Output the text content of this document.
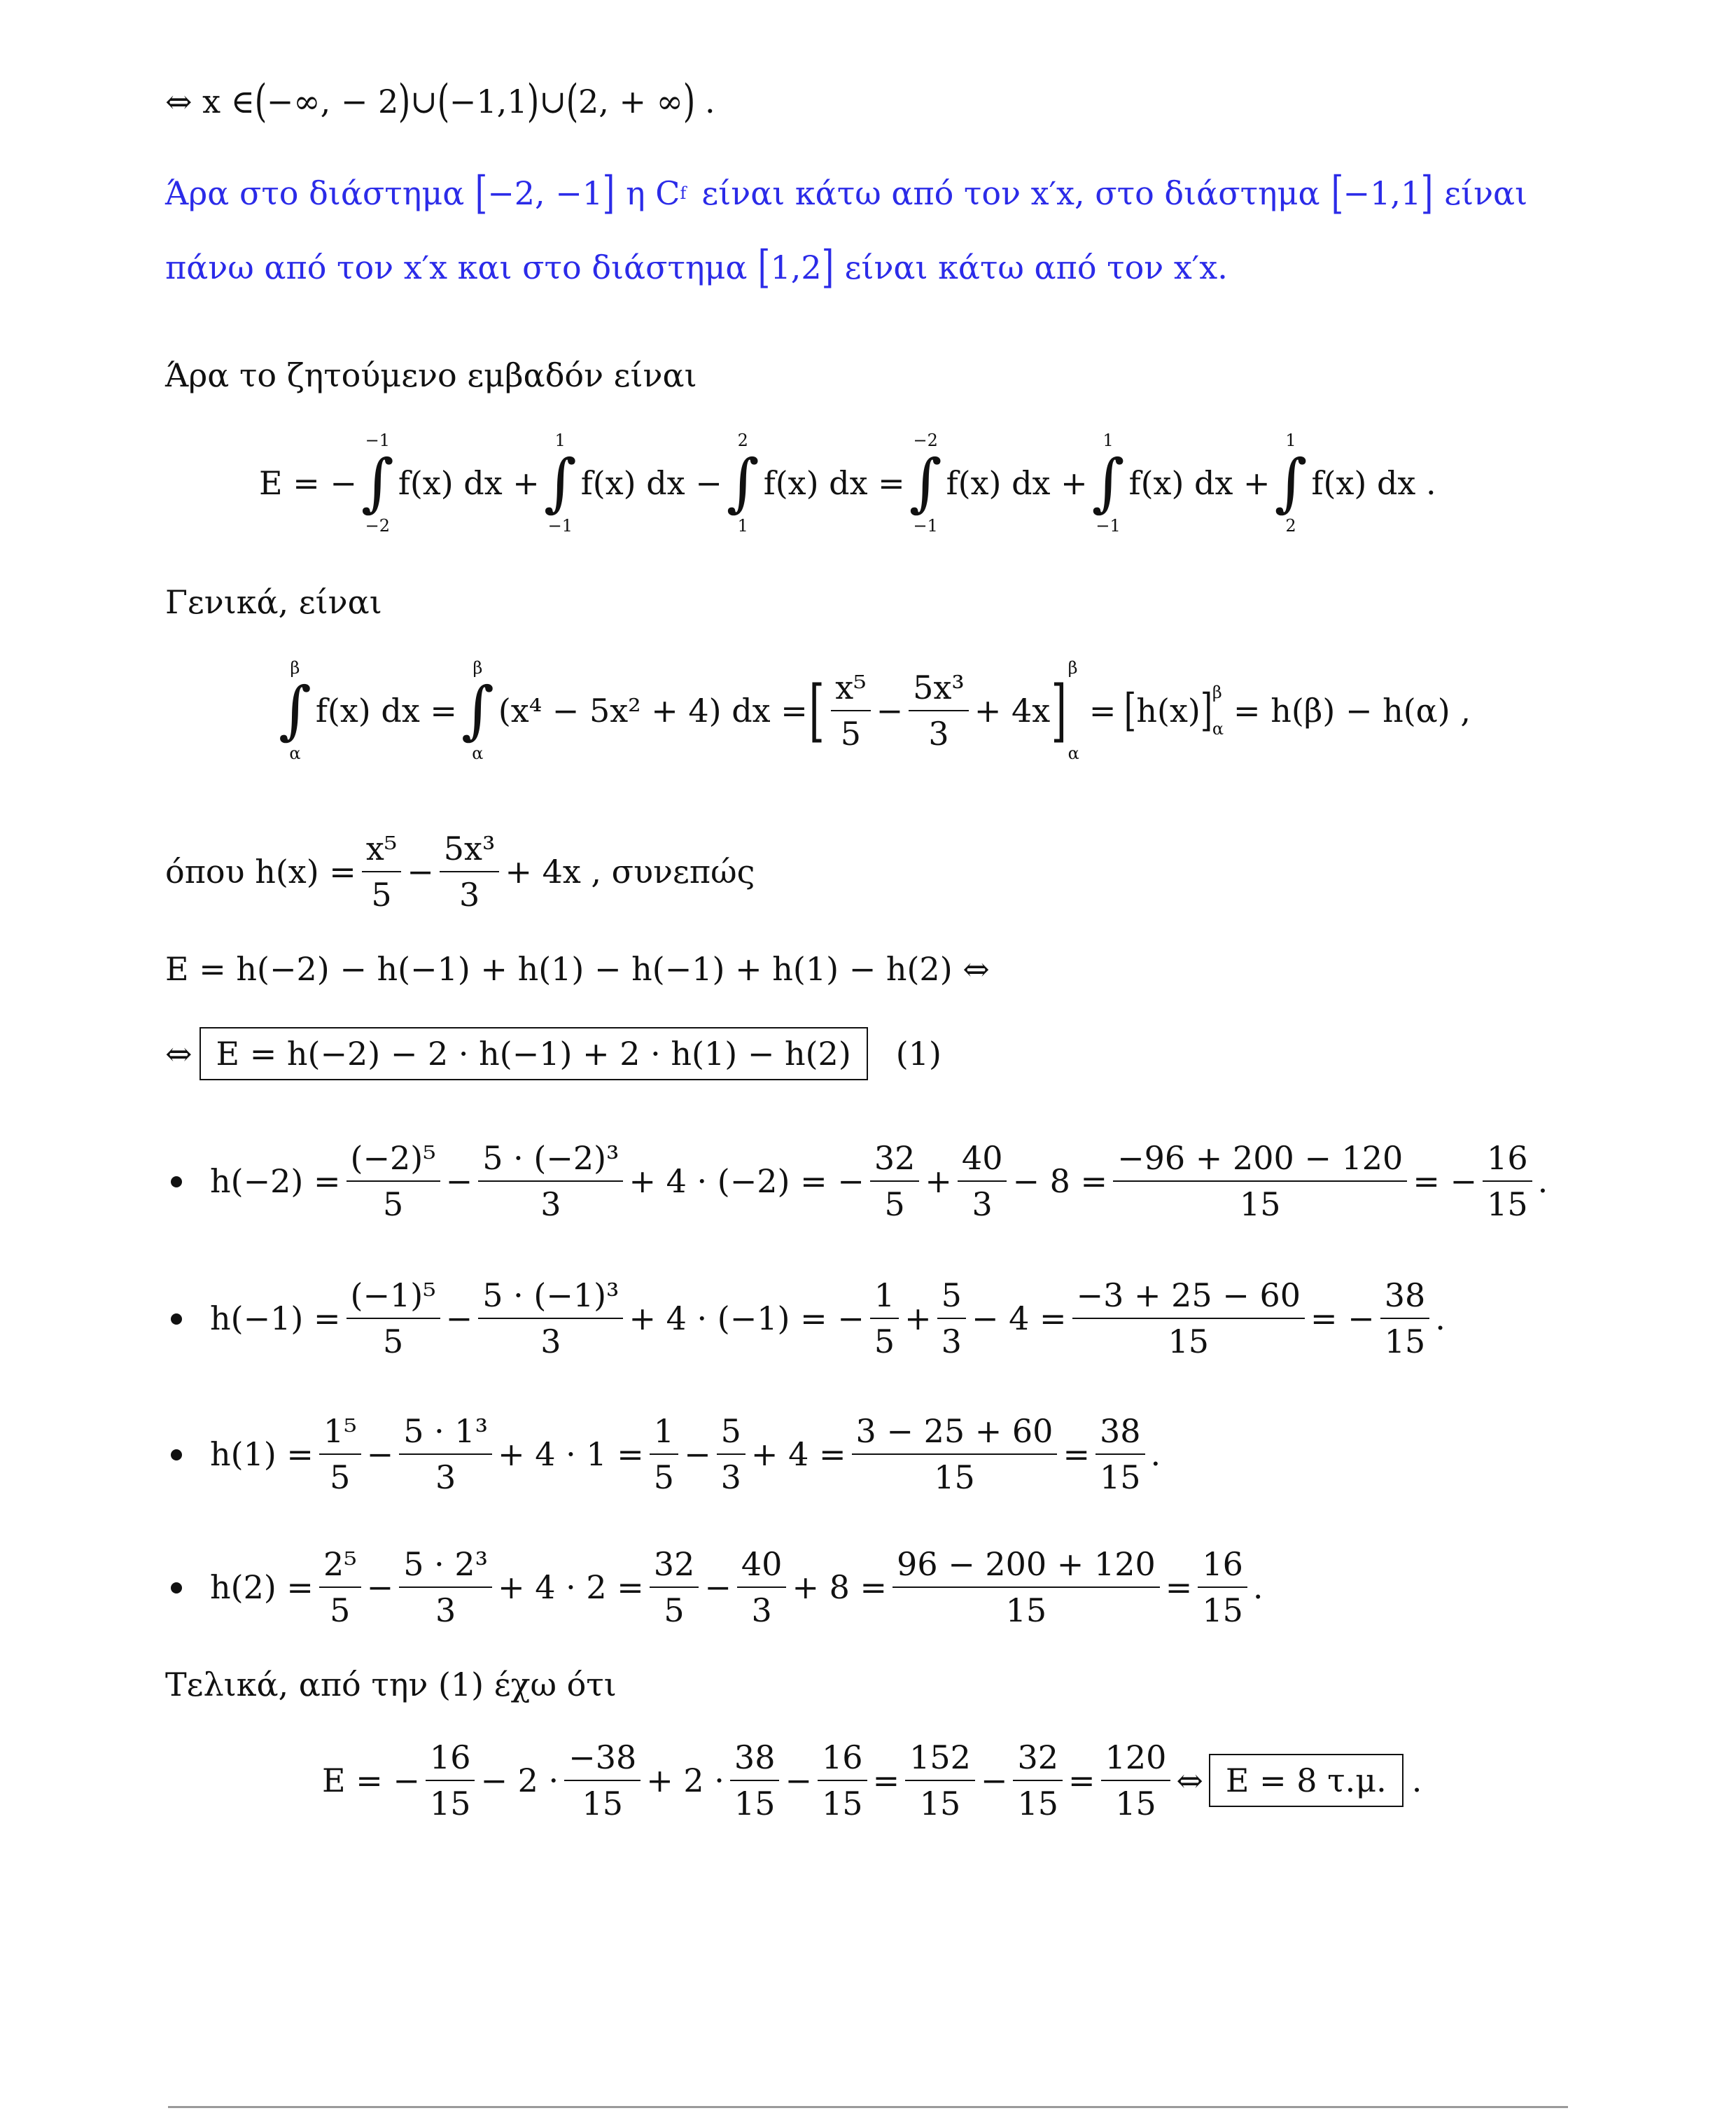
⇔ x ∈ ( −∞, − 2 ) ∪ ( −1,1 ) ∪ ( 2, + ∞ ) .
Άρα στο διάστημα [ −2, −1 ] η C f είναι κάτω από τον x′x, στο διάστημα [ −1,1 ] είναι
πάνω από τον x′x και στο διάστημα [ 1,2 ] είναι κάτω από τον x′x.
Άρα το ζητούμενο εμβαδόν είναι
E = −
−1
∫
−2
f(x) dx +
1
∫
−1
f(x) dx −
2
∫
1
f(x) dx =
−2
∫
−1
f(x) dx +
1
∫
−1
f(x) dx +
1
∫
2
f(x) dx .
Γενικά, είναι
β
∫
α
f(x) dx =
β
∫
α
(x⁴ − 5x² + 4) dx = [ $\frac{\text{x⁵}}{5} - \frac{\text{5x³}}{3} + 4x$ ]
β
α
= [ h(x) ] β
α = h(β) − h(α) ,
όπου $h(x) = \frac{\text{x⁵}}{5} - \frac{\text{5x³}}{3} + 4x$ , συνεπώς
E = h(−2) − h(−1) + h(1) − h(−1) + h(1) − h(2) ⇔
⇔ E = h(−2) − 2 · h(−1) + 2 · h(1) − h(2)	(1)
$h(-2) = \frac{\text{(−2)⁵}}{5} - \frac{\text{5 · (−2)³}}{3} + 4 \cdot (-2)$ = − $\frac{32}{5} + \frac{40}{3} - 8 = \frac{-96 + 200 - 120}{15}$ = − $\frac{16}{15}$ .
$h(-1) = \frac{\text{(−1)⁵}}{5} - \frac{\text{5 · (−1)³}}{3} + 4 \cdot (-1)$ = − $\frac{1}{5} + \frac{5}{3} - 4 = \frac{-3 + 25 - 60}{15}$ = − $\frac{38}{15}$ .
$h(1) = \frac{\text{1⁵}}{5} - \frac{\text{5 · 1³}}{3} + 4 \cdot 1 = \frac{1}{5} - \frac{5}{3} + 4 = \frac{3 - 25 + 60}{15} = \frac{38}{15}$ .
$h(2) = \frac{\text{2⁵}}{5} - \frac{\text{5 · 2³}}{3} + 4 \cdot 2 = \frac{32}{5} - \frac{40}{3} + 8 = \frac{96 - 200 + 120}{15} = \frac{16}{15}$ .
Τελικά, από την (1) έχω ότι
E = − $\frac{16}{15} - 2 \cdot \frac{-38}{15} + 2 \cdot \frac{38}{15} - \frac{16}{15} = \frac{152}{15} - \frac{32}{15} = \frac{120}{15}$ ⇔ E = 8 τ.μ. .
